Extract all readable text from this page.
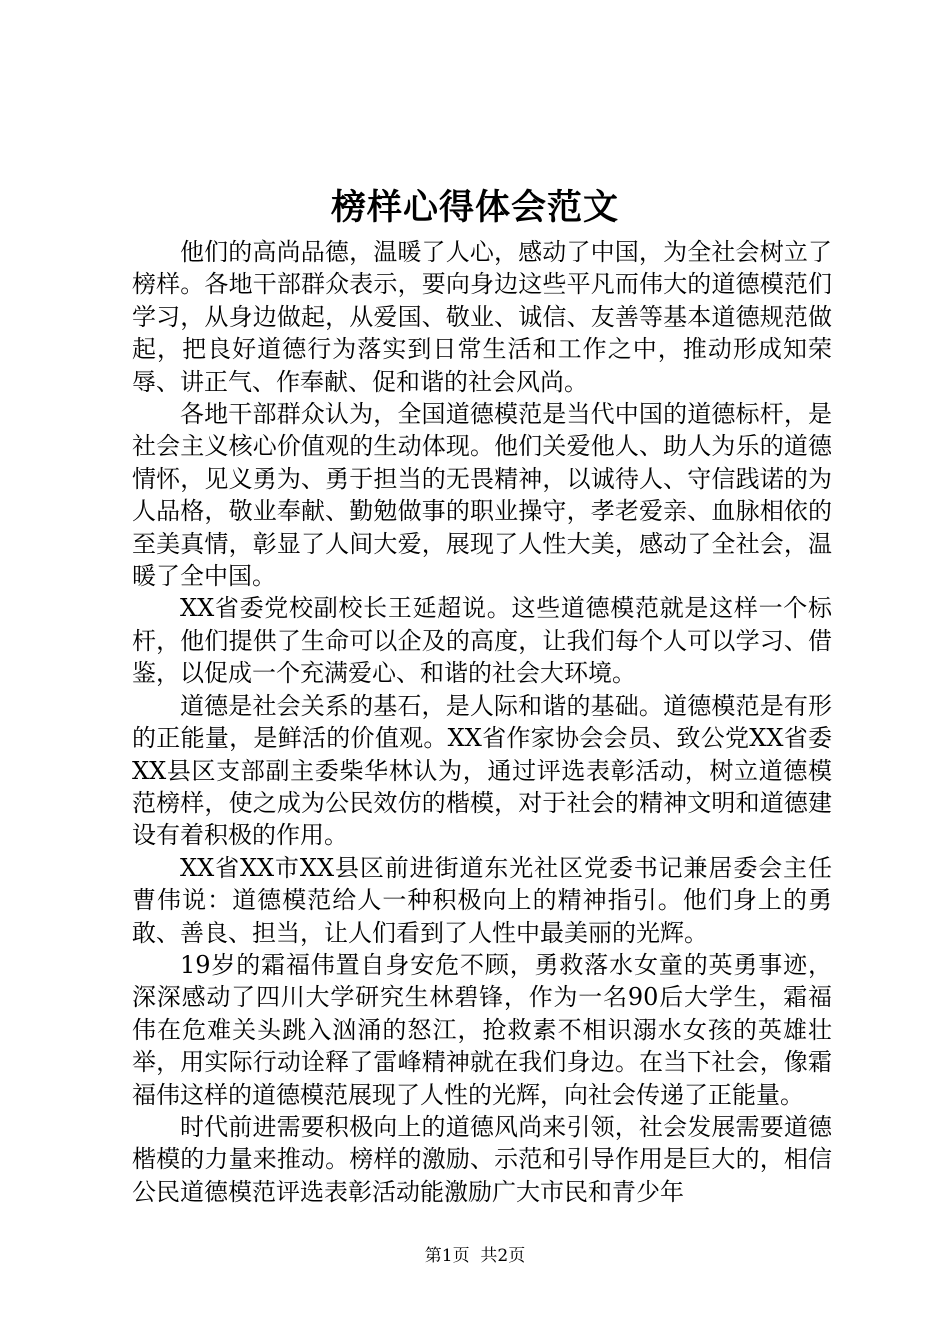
榜样心得体会范文

他们的高尚品德，温暖了人心，感动了中国，为全社会树立了榜样。各地干部群众表示，要向身边这些平凡而伟大的道德模范们学习，从身边做起，从爱国、敬业、诚信、友善等基本道德规范做起，把良好道德行为落实到日常生活和工作之中，推动形成知荣辱、讲正气、作奉献、促和谐的社会风尚。

各地干部群众认为，全国道德模范是当代中国的道德标杆，是社会主义核心价值观的生动体现。他们关爱他人、助人为乐的道德情怀，见义勇为、勇于担当的无畏精神，以诚待人、守信践诺的为人品格，敬业奉献、勤勉做事的职业操守，孝老爱亲、血脉相依的至美真情，彰显了人间大爱，展现了人性大美，感动了全社会，温暖了全中国。

XX省委党校副校长王延超说。这些道德模范就是这样一个标杆，他们提供了生命可以企及的高度，让我们每个人可以学习、借鉴，以促成一个充满爱心、和谐的社会大环境。

道德是社会关系的基石，是人际和谐的基础。道德模范是有形的正能量，是鲜活的价值观。XX省作家协会会员、致公党XX省委XX县区支部副主委柴华林认为，通过评选表彰活动，树立道德模范榜样，使之成为公民效仿的楷模，对于社会的精神文明和道德建设有着积极的作用。

XX省XX市XX县区前进街道东光社区党委书记兼居委会主任曹伟说：道德模范给人一种积极向上的精神指引。他们身上的勇敢、善良、担当，让人们看到了人性中最美丽的光辉。

19岁的霜福伟置自身安危不顾，勇救落水女童的英勇事迹，深深感动了四川大学研究生林碧锋，作为一名90后大学生，霜福伟在危难关头跳入汹涌的怒江，抢救素不相识溺水女孩的英雄壮举，用实际行动诠释了雷峰精神就在我们身边。在当下社会，像霜福伟这样的道德模范展现了人性的光辉，向社会传递了正能量。

时代前进需要积极向上的道德风尚来引领，社会发展需要道德楷模的力量来推动。榜样的激励、示范和引导作用是巨大的，相信公民道德模范评选表彰活动能激励广大市民和青少年

第1页  共2页
